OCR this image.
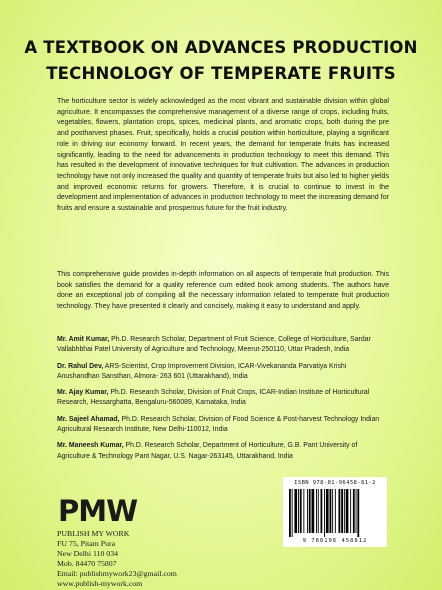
A TEXTBOOK ON ADVANCES PRODUCTION
TECHNOLOGY OF TEMPERATE FRUITS

The horticulture sector is widely acknowledged as the most vibrant and sustainable division within global agriculture. It encompasses the comprehensive management of a diverse range of crops, including fruits, vegetables, flowers, plantation crops, spices, medicinal plants, and aromatic crops, both during the pre and postharvest phases. Fruit, specifically, holds a crucial position within horticulture, playing a significant role in driving our economy forward. In recent years, the demand for temperate fruits has increased significantly, leading to the need for advancements in production technology to meet this demand. This has resulted in the development of innovative techniques for fruit cultivation. The advances in production technology have not only increased the quality and quantity of temperate fruits but also led to higher yields and improved economic returns for growers. Therefore, it is crucial to continue to invest in the development and implementation of advances in production technology to meet the increasing demand for fruits and ensure a sustainable and prosperous future for the fruit industry.

This comprehensive guide provides in-depth information on all aspects of temperate fruit production. This book satisfies the demand for a quality reference cum edited book among students. The authors have done an exceptional job of compiling all the necessary information related to temperate fruit production technology. They have presented it clearly and concisely, making it easy to understand and apply.

Mr. Amit Kumar, Ph.D. Research Scholar, Department of Fruit Science, College of Horticulture, Sardar Vallabhbhai Patel University of Agriculture and Technology, Meerut-250110, Uttar Pradesh, India

Dr. Rahul Dev, ARS-Scientist, Crop Improvement Division, ICAR-Vivekananda Parvatiya Krishi Anushandhan Sansthan, Almora- 263 601 (Uttarakhand), India

Mr. Ajay Kumar, Ph.D. Research Scholar, Division of Fruit Crops, ICAR-Indian Institute of Horticultural Research, Hessarghatta, Bengaluru-560089, Karnataka, India

Mr. Sajeel Ahamad, Ph.D. Research Scholar, Division of Food Science & Post-harvest Technology Indian Agricultural Research Institute, New Delhi-110012, India

Mr. Maneesh Kumar, Ph.D. Research Scholar, Department of Horticulture, G.B. Pant University of Agriculture & Technology Pant Nagar, U.S. Nagar-263145, Uttarakhand, India

PMW
PUBLISH MY WORK
FU 75, Pitam Pura
New Delhi 110 034
Mob. 84470 75807
Email: publishmywork23@gmail.com
www.publish-mywork.com
ISBN 978-81-96458-81-2
9 788196 458812
